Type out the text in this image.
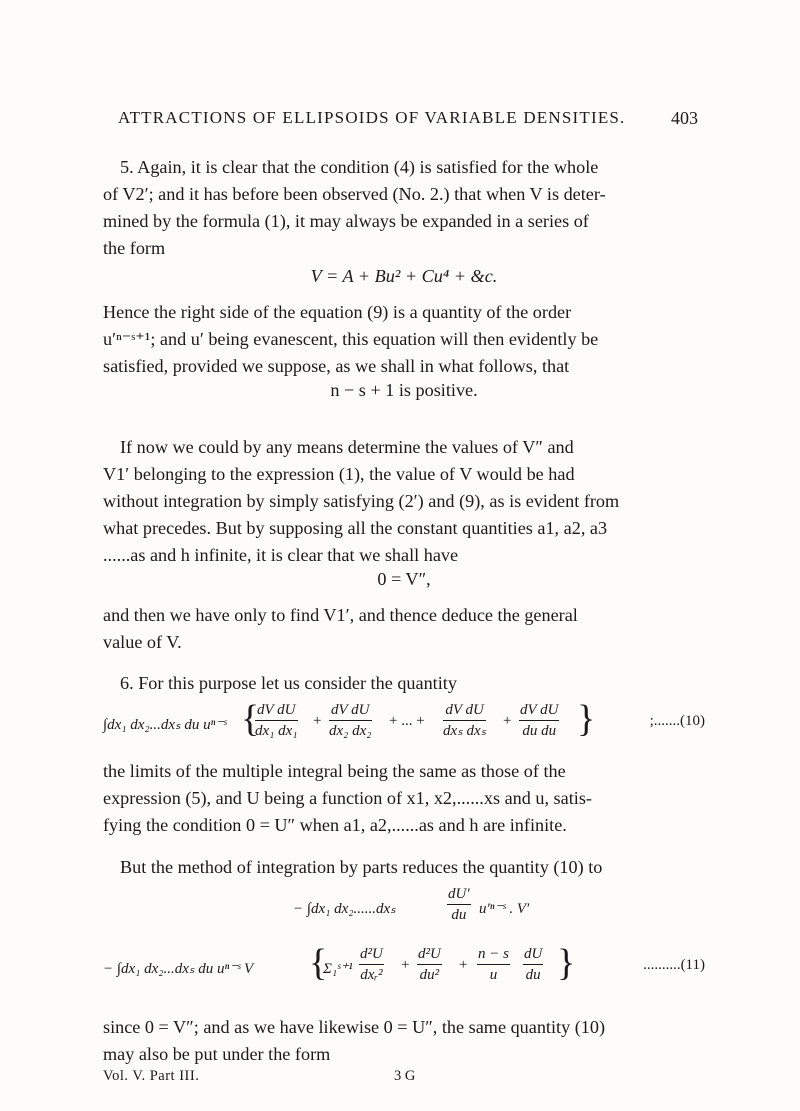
ATTRACTIONS OF ELLIPSOIDS OF VARIABLE DENSITIES.	403
5. Again, it is clear that the condition (4) is satisfied for the whole
of V2′; and it has before been observed (No. 2.) that when V is deter-
mined by the formula (1), it may always be expanded in a series of
the form
V = A + Bu² + Cu⁴ + &c.
Hence the right side of the equation (9) is a quantity of the order
u′ⁿ⁻ˢ⁺¹; and u′ being evanescent, this equation will then evidently be
satisfied, provided we suppose, as we shall in what follows, that
n − s + 1 is positive.
If now we could by any means determine the values of V″ and
V1′ belonging to the expression (1), the value of V would be had
without integration by simply satisfying (2′) and (9), as is evident from
what precedes. But by supposing all the constant quantities a1, a2, a3
......as and h infinite, it is clear that we shall have
0 = V″,
and then we have only to find V1′, and thence deduce the general
value of V.
6. For this purpose let us consider the quantity
∫dx₁ dx₂...dxₛ du uⁿ⁻ˢ {
$\frac{\text{dV dU}}{\text{dx₁ dx₁}} + \frac{\text{dV dU}}{\text{dx₂ dx₂}}$ + ... +
dV dU
dxₛ dxₛ
+ $\frac{\text{dV dU}}{\text{du du}}$ }	;.......(10)
the limits of the multiple integral being the same as those of the
expression (5), and U being a function of x1, x2,......xs and u, satis-
fying the condition 0 = U″ when a1, a2,......as and h are infinite.
But the method of integration by parts reduces the quantity (10) to
− ∫dx₁ dx₂......dxₛ	$\frac{dU'}{du}$ u′ⁿ⁻ˢ . V′
− ∫dx₁ dx₂...dxₛ du uⁿ⁻ˢ V {
Σ₁ˢ⁺¹
d²U
dxᵣ²
+ $\frac{\text{d²U}}{\text{du²}} + \frac{n - s}{u} \frac{dU}{du}$ }	..........(11)
since 0 = V″; and as we have likewise 0 = U″, the same quantity (10)
may also be put under the form
Vol. V. Part III.	3 G
